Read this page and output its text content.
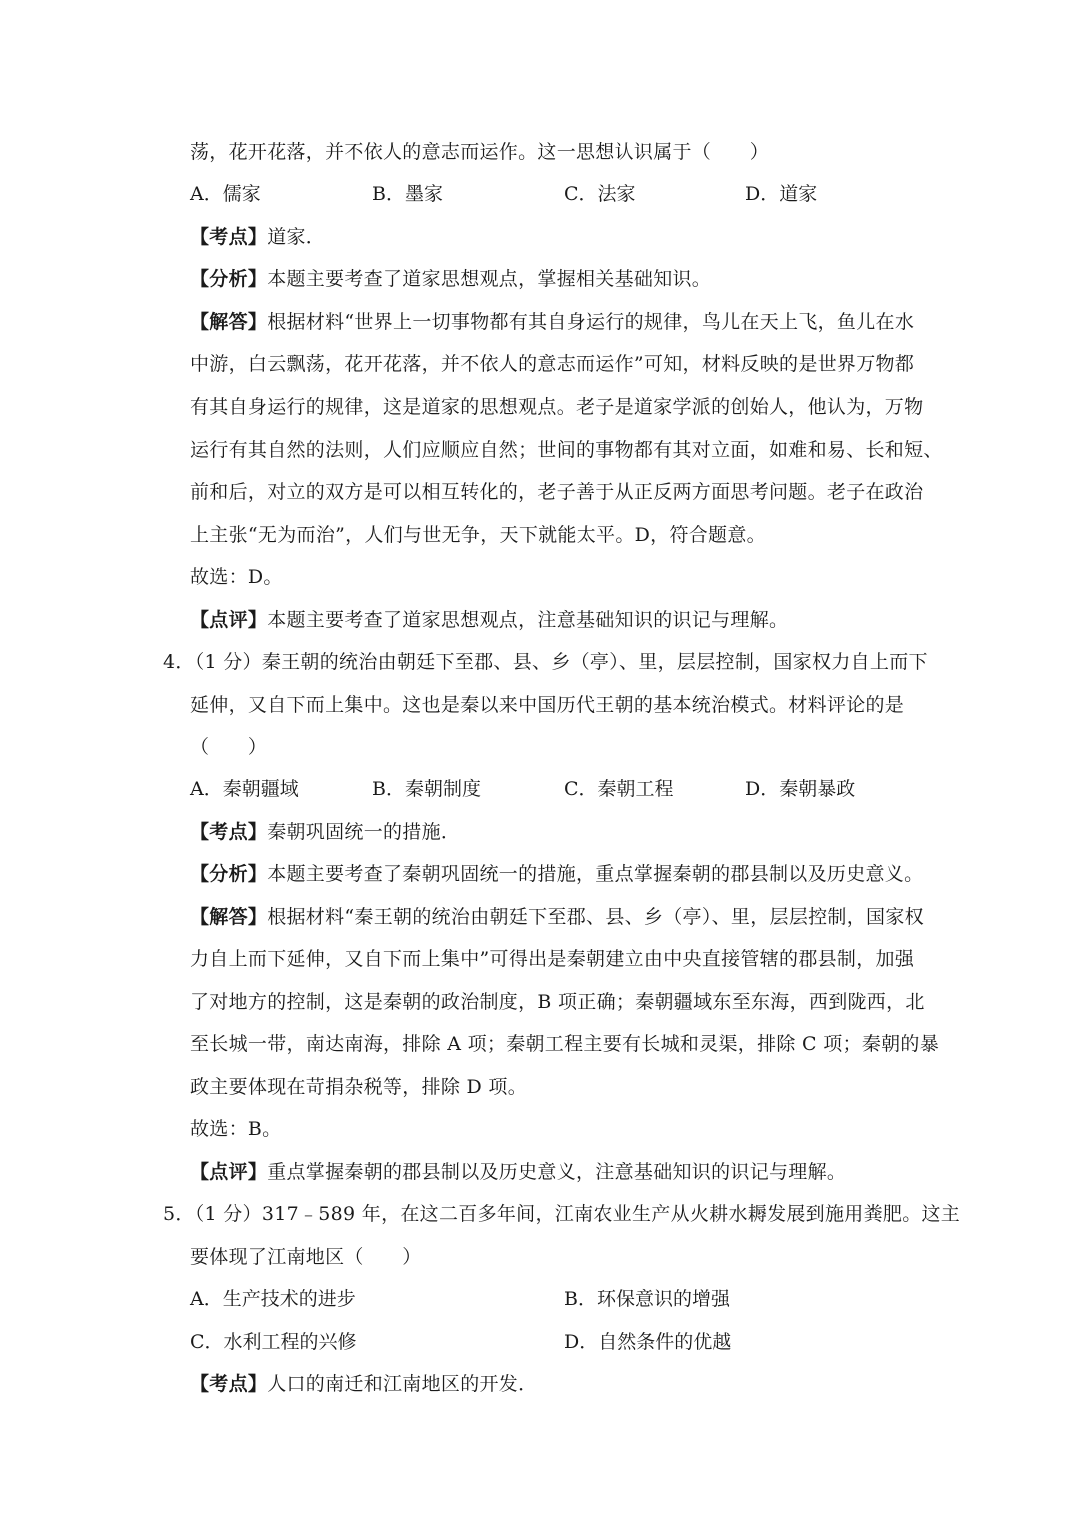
荡，花开花落，并不依人的意志而运作。这一思想认识属于（　　）
A．儒家	B．墨家	C．法家	D．道家
【考点】道家．
【分析】本题主要考查了道家思想观点，掌握相关基础知识。
【解答】根据材料“世界上一切事物都有其自身运行的规律，鸟儿在天上飞，鱼儿在水
中游，白云飘荡，花开花落，并不依人的意志而运作”可知，材料反映的是世界万物都
有其自身运行的规律，这是道家的思想观点。老子是道家学派的创始人，他认为，万物
运行有其自然的法则，人们应顺应自然；世间的事物都有其对立面，如难和易、长和短、
前和后，对立的双方是可以相互转化的，老子善于从正反两方面思考问题。老子在政治
上主张“无为而治”，人们与世无争，天下就能太平。D，符合题意。
故选：D。
【点评】本题主要考查了道家思想观点，注意基础知识的识记与理解。
4．（1 分）秦王朝的统治由朝廷下至郡、县、乡（亭）、里，层层控制，国家权力自上而下
延伸，又自下而上集中。这也是秦以来中国历代王朝的基本统治模式。材料评论的是
（　　）
A．秦朝疆域	B．秦朝制度	C．秦朝工程	D．秦朝暴政
【考点】秦朝巩固统一的措施．
【分析】本题主要考查了秦朝巩固统一的措施，重点掌握秦朝的郡县制以及历史意义。
【解答】根据材料“秦王朝的统治由朝廷下至郡、县、乡（亭）、里，层层控制，国家权
力自上而下延伸，又自下而上集中”可得出是秦朝建立由中央直接管辖的郡县制，加强
了对地方的控制，这是秦朝的政治制度，B 项正确；秦朝疆域东至东海，西到陇西，北
至长城一带，南达南海，排除 A 项；秦朝工程主要有长城和灵渠，排除 C 项；秦朝的暴
政主要体现在苛捐杂税等，排除 D 项。
故选：B。
【点评】重点掌握秦朝的郡县制以及历史意义，注意基础知识的识记与理解。
5．（1 分）317﹣589 年，在这二百多年间，江南农业生产从火耕水耨发展到施用粪肥。这主
要体现了江南地区（　　）
A．生产技术的进步	B．环保意识的增强
C．水利工程的兴修	D．自然条件的优越
【考点】人口的南迁和江南地区的开发．
